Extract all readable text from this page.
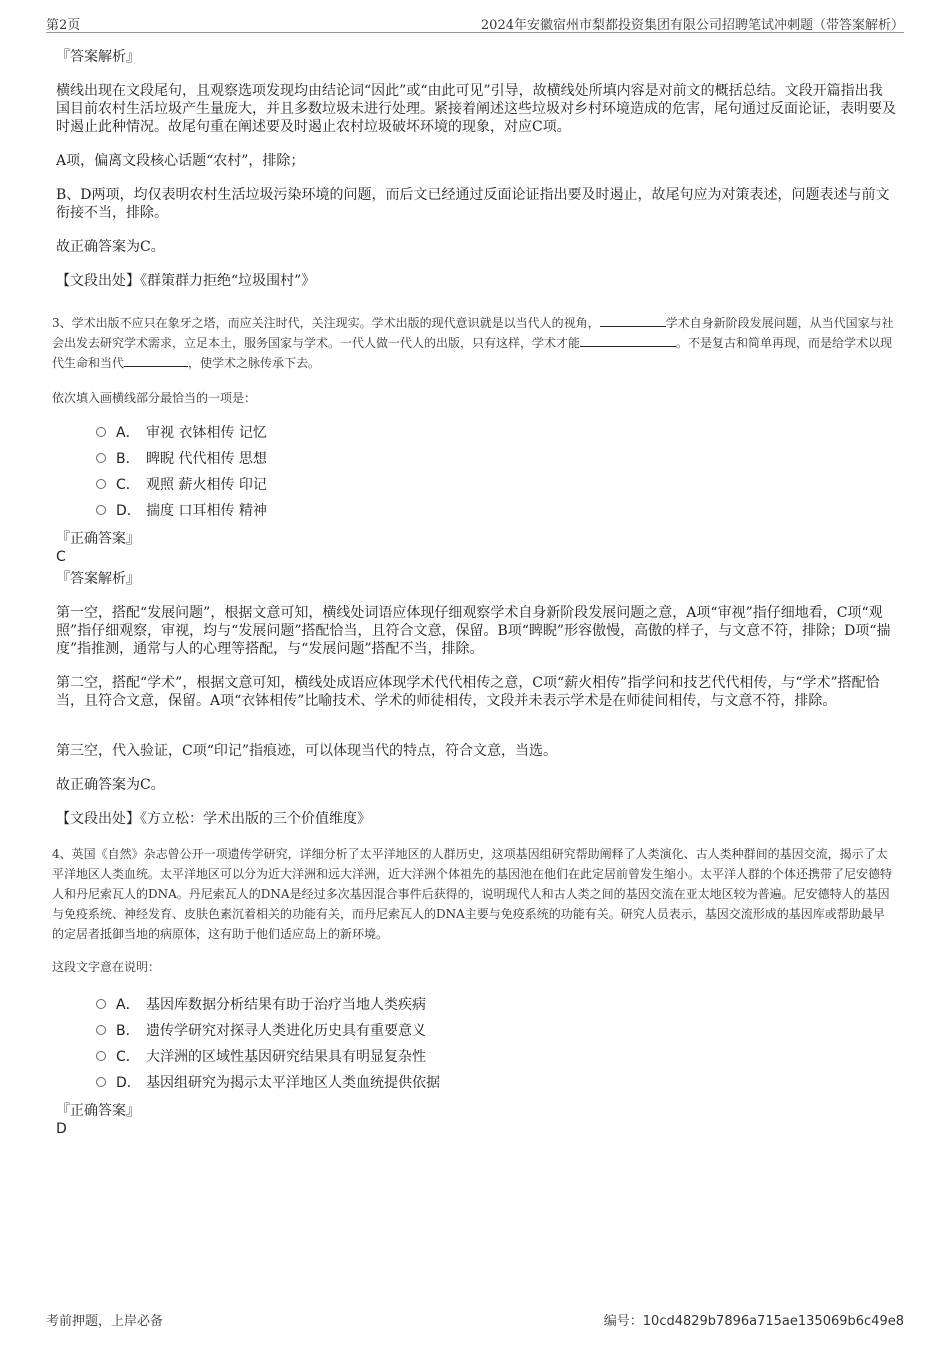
第2页	2024年安徽宿州市梨都投资集团有限公司招聘笔试冲刺题（带答案解析）
『答案解析』
横线出现在文段尾句，且观察选项发现均由结论词“因此”或“由此可见”引导，故横线处所填内容是对前文的概括总结。文段开篇指出我国目前农村生活垃圾产生量庞大，并且多数垃圾未进行处理。紧接着阐述这些垃圾对乡村环境造成的危害，尾句通过反面论证，表明要及时遏止此种情况。故尾句重在阐述要及时遏止农村垃圾破坏环境的现象，对应C项。
A项，偏离文段核心话题“农村”，排除；
B、D两项，均仅表明农村生活垃圾污染环境的问题，而后文已经通过反面论证指出要及时遏止，故尾句应为对策表述，问题表述与前文衔接不当，排除。
故正确答案为C。
【文段出处】《群策群力拒绝“垃圾围村”》
3、学术出版不应只在象牙之塔，而应关注时代，关注现实。学术出版的现代意识就是以当代人的视角，	学术自身新阶段发展问题，从当代国家与社会出发去研究学术需求，立足本土，服务国家与学术。一代人做一代人的出版，只有这样，学术才能	。不是复古和简单再现，而是给学术以现代生命和当代	，使学术之脉传承下去。
依次填入画横线部分最恰当的一项是：
A． 审视 衣钵相传 记忆
B． 睥睨 代代相传 思想
C． 观照 薪火相传 印记
D． 揣度 口耳相传 精神
『正确答案』
C
『答案解析』
第一空，搭配“发展问题”，根据文意可知，横线处词语应体现仔细观察学术自身新阶段发展问题之意，A项“审视”指仔细地看，C项“观照”指仔细观察，审视，均与“发展问题”搭配恰当，且符合文意，保留。B项“睥睨”形容傲慢，高傲的样子，与文意不符，排除；D项“揣度”指推测，通常与人的心理等搭配，与“发展问题”搭配不当，排除。
第二空，搭配“学术”，根据文意可知，横线处成语应体现学术代代相传之意，C项“薪火相传”指学问和技艺代代相传，与“学术”搭配恰当，且符合文意，保留。A项“衣钵相传”比喻技术、学术的师徒相传，文段并未表示学术是在师徒间相传，与文意不符，排除。
第三空，代入验证，C项“印记”指痕迹，可以体现当代的特点，符合文意，当选。
故正确答案为C。
【文段出处】《方立松：学术出版的三个价值维度》
4、英国《自然》杂志曾公开一项遗传学研究，详细分析了太平洋地区的人群历史，这项基因组研究帮助阐释了人类演化、古人类种群间的基因交流，揭示了太平洋地区人类血统。太平洋地区可以分为近大洋洲和远大洋洲，近大洋洲个体祖先的基因池在他们在此定居前曾发生缩小。太平洋人群的个体还携带了尼安德特人和丹尼索瓦人的DNA。丹尼索瓦人的DNA是经过多次基因混合事件后获得的，说明现代人和古人类之间的基因交流在亚太地区较为普遍。尼安德特人的基因与免疫系统、神经发育、皮肤色素沉着相关的功能有关，而丹尼索瓦人的DNA主要与免疫系统的功能有关。研究人员表示，基因交流形成的基因库或帮助最早的定居者抵御当地的病原体，这有助于他们适应岛上的新环境。
这段文字意在说明：
A． 基因库数据分析结果有助于治疗当地人类疾病
B． 遗传学研究对探寻人类进化历史具有重要意义
C． 大洋洲的区域性基因研究结果具有明显复杂性
D． 基因组研究为揭示太平洋地区人类血统提供依据
『正确答案』
D
考前押题，上岸必备	编号：10cd4829b7896a715ae135069b6c49e8
